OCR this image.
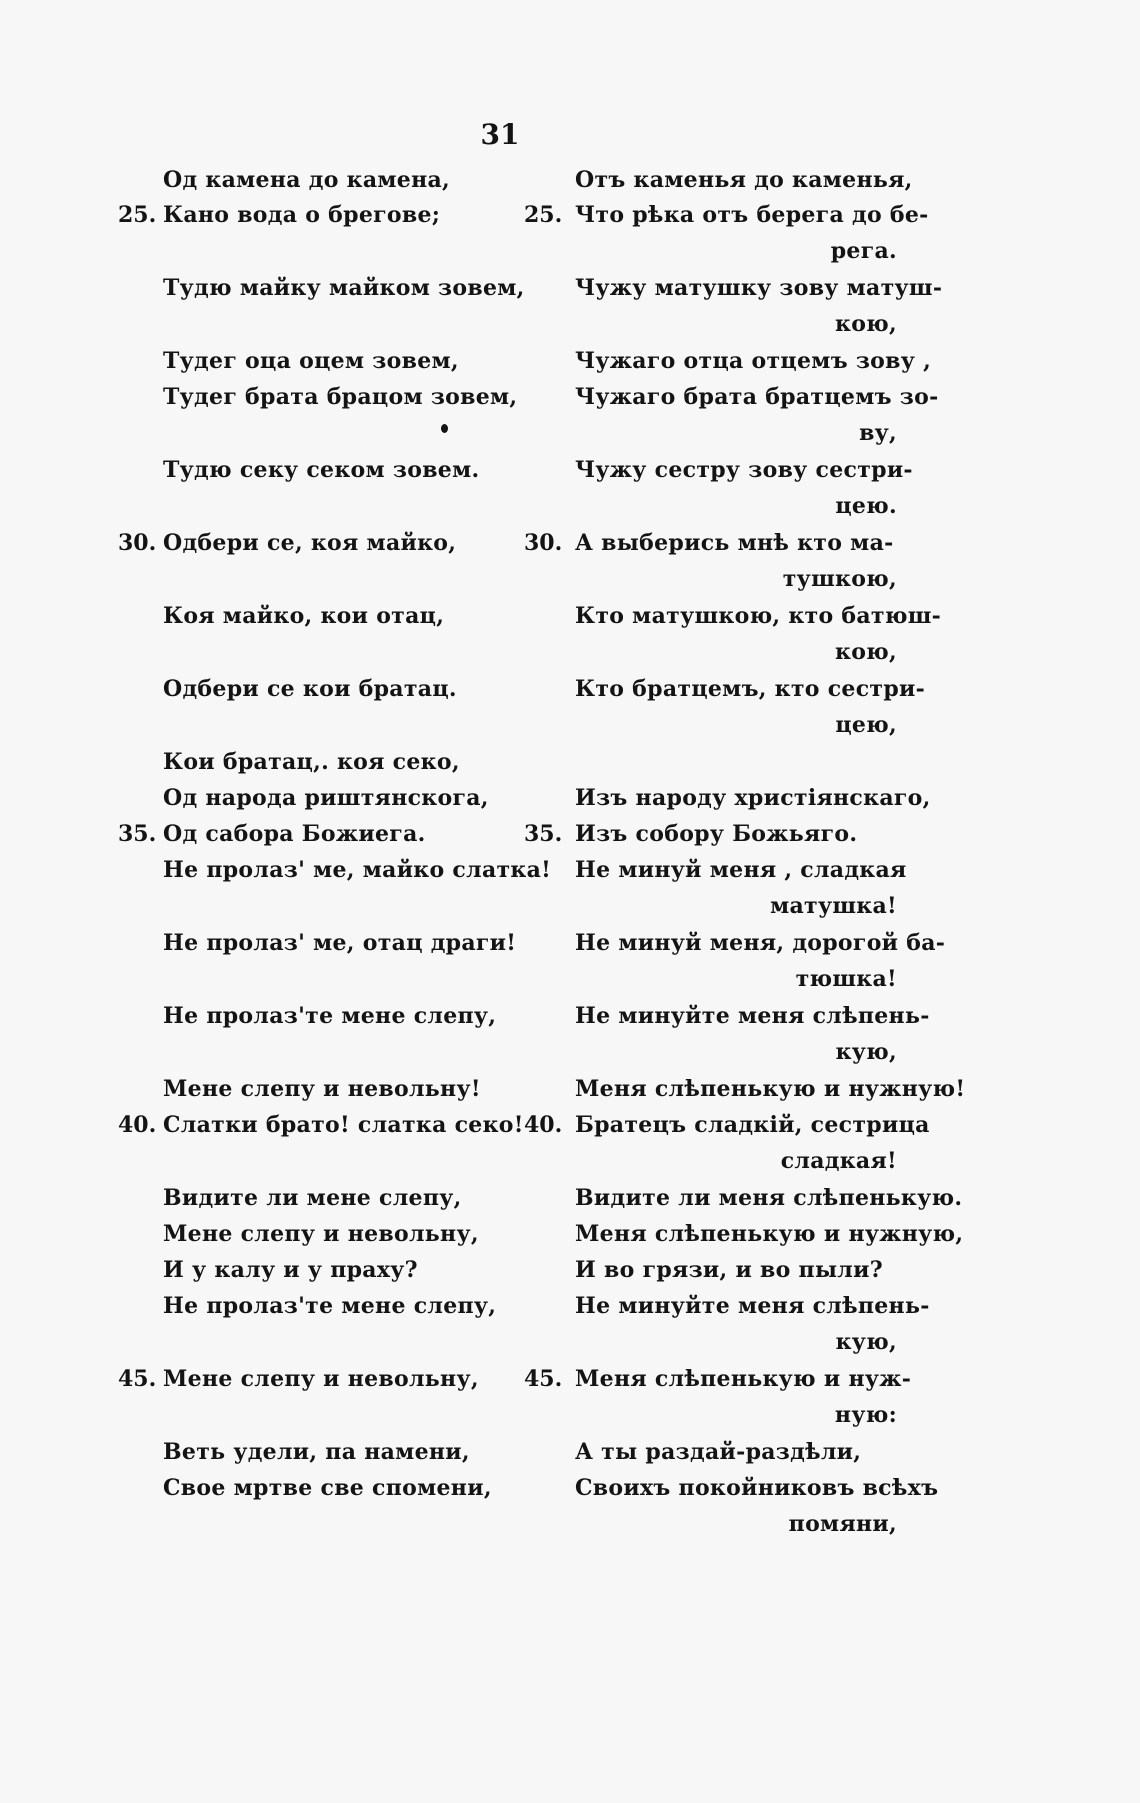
31
Од камена до камена,
25. Кано вода о брегове;
Тудю майку майком зовем,
Тудег оца оцем зовем,
Тудег брата брацом зовем,
Тудю секу секом зовем.
30. Одбери се, коя майко,
Коя майко, кои отац,
Одбери се кои братац.
Кои братац,. коя секо,
Од народа риштянскога,
35. Од сабора Божиега.
Не пролаз' ме, майко слатка!
Не пролаз' ме, отац драги!
Не пролаз'те мене слепу,
Мене слепу и невольну!
40. Слатки брато! слатка секо!
Видите ли мене слепу,
Мене слепу и невольну,
И у калу и у праху?
Не пролаз'те мене слепу,
45. Мене слепу и невольну,
Веть удели, па намени,
Свое мртве све спомени,
Отъ каменья до каменья,
25. Что рѣка отъ берега до бе-
рега.
Чужу матушку зову матуш-
кою,
Чужаго отца отцемъ зову ,
Чужаго брата братцемъ зо-
ву,
Чужу сестру зову сестри-
цею.
30. А выберись мнѣ кто ма-
тушкою,
Кто матушкою, кто батюш-
кою,
Кто братцемъ, кто сестри-
цею,
Изъ народу христіянскаго,
35. Изъ собору Божьяго.
Не минуй меня , сладкая
матушка!
Не минуй меня, дорогой ба-
тюшка!
Не минуйте меня слѣпень-
кую,
Меня слѣпенькую и нужную!
40. Братецъ сладкій, сестрица
сладкая!
Видите ли меня слѣпенькую.
Меня слѣпенькую и нужную,
И во грязи, и во пыли?
Не минуйте меня слѣпень-
кую,
45. Меня слѣпенькую и нуж-
ную:
А ты раздай-раздѣли,
Своихъ покойниковъ всѣхъ
помяни,
